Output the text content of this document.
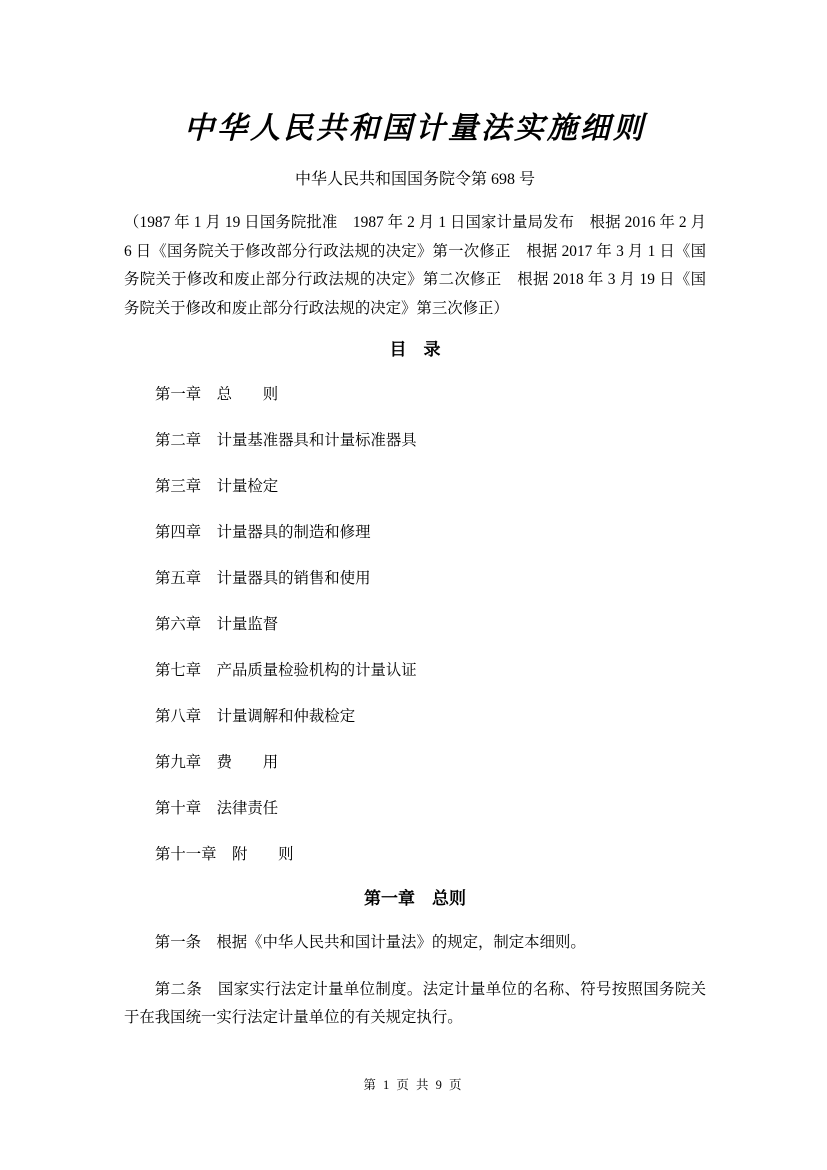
中华人民共和国计量法实施细则
中华人民共和国国务院令第 698 号
（1987 年 1 月 19 日国务院批准　1987 年 2 月 1 日国家计量局发布　根据 2016 年 2 月 6 日《国务院关于修改部分行政法规的决定》第一次修正　根据 2017 年 3 月 1 日《国务院关于修改和废止部分行政法规的决定》第二次修正　根据 2018 年 3 月 19 日《国务院关于修改和废止部分行政法规的决定》第三次修正）
目　录
第一章　总　　则
第二章　计量基准器具和计量标准器具
第三章　计量检定
第四章　计量器具的制造和修理
第五章　计量器具的销售和使用
第六章　计量监督
第七章　产品质量检验机构的计量认证
第八章　计量调解和仲裁检定
第九章　费　　用
第十章　法律责任
第十一章　附　　则
第一章　总则
第一条　根据《中华人民共和国计量法》的规定，制定本细则。
第二条　国家实行法定计量单位制度。法定计量单位的名称、符号按照国务院关于在我国统一实行法定计量单位的有关规定执行。
第 1 页 共 9 页
